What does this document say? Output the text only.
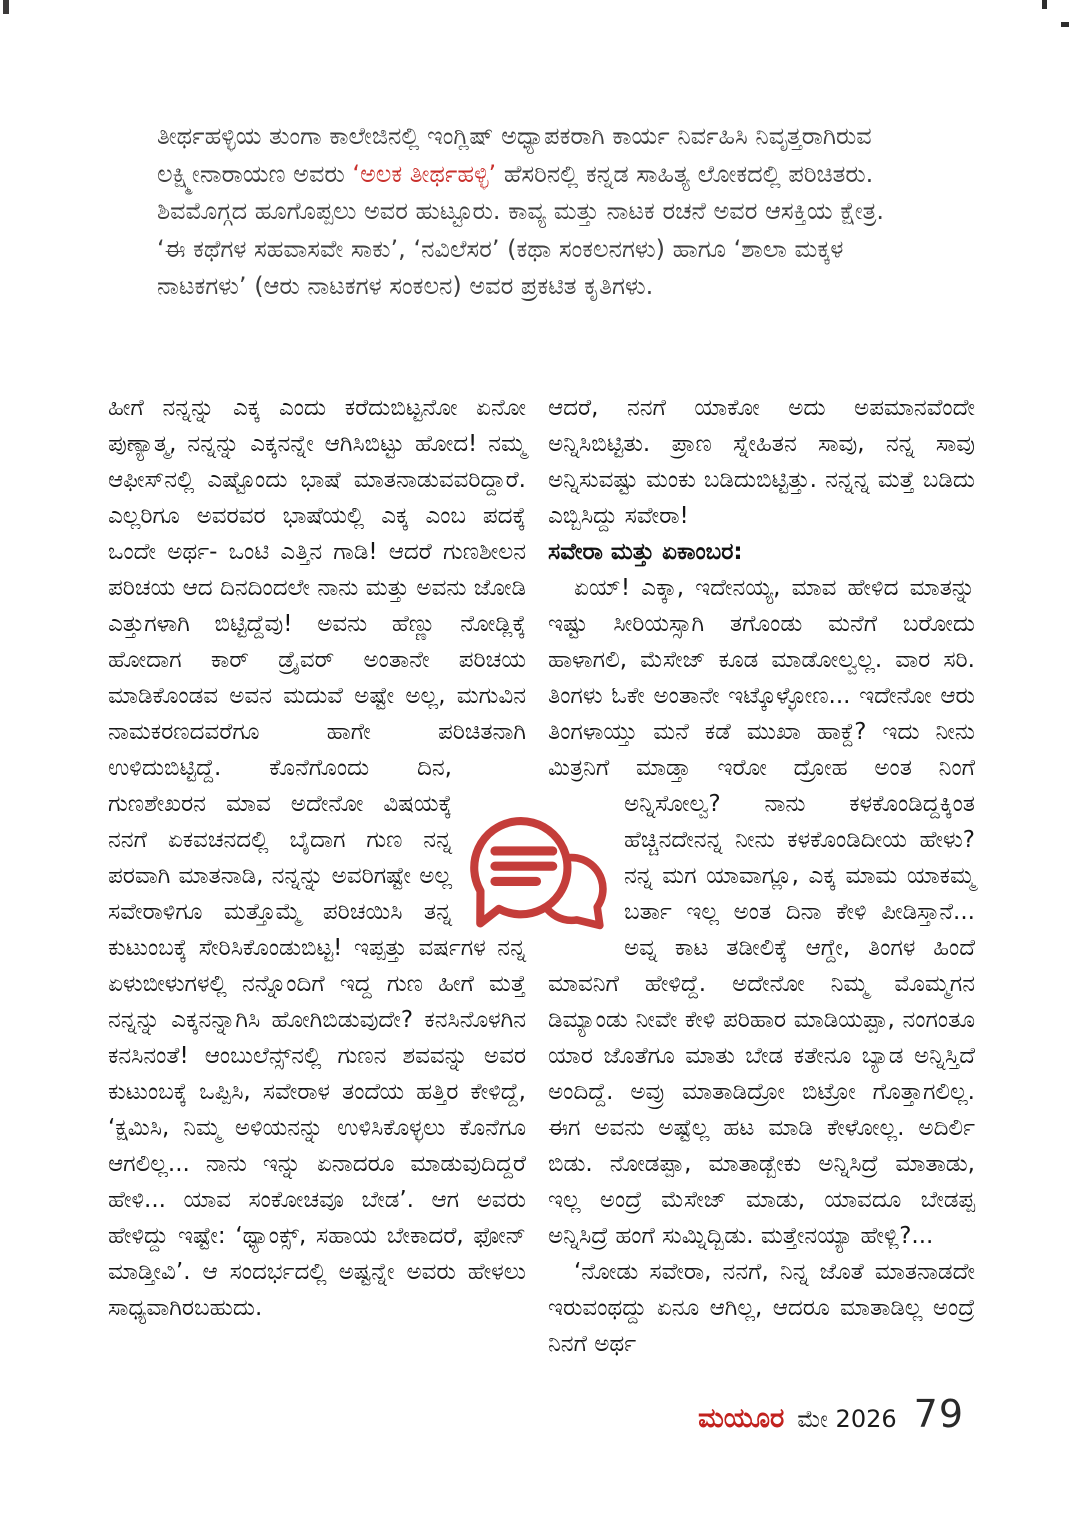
ತೀರ್ಥಹಳ್ಳಿಯ ತುಂಗಾ ಕಾಲೇಜಿನಲ್ಲಿ ಇಂಗ್ಲಿಷ್ ಅಧ್ಯಾಪಕರಾಗಿ ಕಾರ್ಯ ನಿರ್ವಹಿಸಿ ನಿವೃತ್ತರಾಗಿರುವ ಲಕ್ಷ್ಮೀನಾರಾಯಣ ಅವರು ‘ಅಲಕ ತೀರ್ಥಹಳ್ಳಿ’ ಹೆಸರಿನಲ್ಲಿ ಕನ್ನಡ ಸಾಹಿತ್ಯ ಲೋಕದಲ್ಲಿ ಪರಿಚಿತರು. ಶಿವಮೊಗ್ಗದ ಹೂಗೊಪ್ಪಲು ಅವರ ಹುಟ್ಟೂರು. ಕಾವ್ಯ ಮತ್ತು ನಾಟಕ ರಚನೆ ಅವರ ಆಸಕ್ತಿಯ ಕ್ಷೇತ್ರ. ‘ಈ ಕಥೆಗಳ ಸಹವಾಸವೇ ಸಾಕು’, ‘ನವಿಲೆಸರ’ (ಕಥಾ ಸಂಕಲನಗಳು) ಹಾಗೂ ‘ಶಾಲಾ ಮಕ್ಕಳ ನಾಟಕಗಳು’ (ಆರು ನಾಟಕಗಳ ಸಂಕಲನ) ಅವರ ಪ್ರಕಟಿತ ಕೃತಿಗಳು.

ಹೀಗೆ ನನ್ನನ್ನು ಎಕ್ಕ ಎಂದು ಕರೆದುಬಿಟ್ಟನೋ ಏನೋ ಪುಣ್ಯಾತ್ಮ, ನನ್ನನ್ನು ಎಕ್ಕನನ್ನೇ ಆಗಿಸಿಬಿಟ್ಟು ಹೋದ! ನಮ್ಮ ಆಫೀಸ್‌ನಲ್ಲಿ ಎಷ್ಟೊಂದು ಭಾಷೆ ಮಾತನಾಡುವವರಿದ್ದಾರೆ. ಎಲ್ಲರಿಗೂ ಅವರವರ ಭಾಷೆಯಲ್ಲಿ ಎಕ್ಕ ಎಂಬ ಪದಕ್ಕೆ ಒಂದೇ ಅರ್ಥ- ಒಂಟಿ ಎತ್ತಿನ ಗಾಡಿ! ಆದರೆ ಗುಣಶೀಲನ ಪರಿಚಯ ಆದ ದಿನದಿಂದಲೇ ನಾನು ಮತ್ತು ಅವನು ಜೋಡಿ ಎತ್ತುಗಳಾಗಿ ಬಿಟ್ಟಿದ್ದೆವು! ಅವನು ಹೆಣ್ಣು ನೋಡ್ಲಿಕ್ಕೆ ಹೋದಾಗ ಕಾರ್ ಡ್ರೈವರ್ ಅಂತಾನೇ ಪರಿಚಯ ಮಾಡಿಕೊಂಡವ ಅವನ ಮದುವೆ ಅಷ್ಟೇ ಅಲ್ಲ, ಮಗುವಿನ ನಾಮಕರಣದವರೆಗೂ ಹಾಗೇ ಪರಿಚಿತನಾಗಿ ಉಳಿದುಬಿಟ್ಟಿದ್ದೆ. ಕೊನೆಗೊಂದು ದಿನ, ಗುಣಶೇಖರನ ಮಾವ ಅದೇನೋ ವಿಷಯಕ್ಕೆ ನನಗೆ ಏಕವಚನದಲ್ಲಿ ಬೈದಾಗ ಗುಣ ನನ್ನ ಪರವಾಗಿ ಮಾತನಾಡಿ, ನನ್ನನ್ನು ಅವರಿಗಷ್ಟೇ ಅಲ್ಲ ಸವೇರಾಳಿಗೂ ಮತ್ತೊಮ್ಮೆ ಪರಿಚಯಿಸಿ ತನ್ನ ಕುಟುಂಬಕ್ಕೆ ಸೇರಿಸಿಕೊಂಡುಬಿಟ್ಟ! ಇಪ್ಪತ್ತು ವರ್ಷಗಳ ನನ್ನ ಏಳುಬೀಳುಗಳಲ್ಲಿ ನನ್ನೊಂದಿಗೆ ಇದ್ದ ಗುಣ ಹೀಗೆ ಮತ್ತೆ ನನ್ನನ್ನು ಎಕ್ಕನನ್ನಾಗಿಸಿ ಹೋಗಿಬಿಡುವುದೇ? ಕನಸಿನೊಳಗಿನ ಕನಸಿನಂತೆ! ಆಂಬುಲೆನ್ಸ್‌ನಲ್ಲಿ ಗುಣನ ಶವವನ್ನು ಅವರ ಕುಟುಂಬಕ್ಕೆ ಒಪ್ಪಿಸಿ, ಸವೇರಾಳ ತಂದೆಯ ಹತ್ತಿರ ಕೇಳಿದ್ದೆ, ‘ಕ್ಷಮಿಸಿ, ನಿಮ್ಮ ಅಳಿಯನನ್ನು ಉಳಿಸಿಕೊಳ್ಳಲು ಕೊನೆಗೂ ಆಗಲಿಲ್ಲ... ನಾನು ಇನ್ನು ಏನಾದರೂ ಮಾಡುವುದಿದ್ದರೆ ಹೇಳಿ... ಯಾವ ಸಂಕೋಚವೂ ಬೇಡ’. ಆಗ ಅವರು ಹೇಳಿದ್ದು ಇಷ್ಟೇ: ‘ಥ್ಯಾಂಕ್ಸ್, ಸಹಾಯ ಬೇಕಾದರೆ, ಫೋನ್ ಮಾಡ್ತೀವಿ’. ಆ ಸಂದರ್ಭದಲ್ಲಿ ಅಷ್ಟನ್ನೇ ಅವರು ಹೇಳಲು ಸಾಧ್ಯವಾಗಿರಬಹುದು.

ಆದರೆ, ನನಗೆ ಯಾಕೋ ಅದು ಅಪಮಾನವೆಂದೇ ಅನ್ನಿಸಿಬಿಟ್ಟಿತು. ಪ್ರಾಣ ಸ್ನೇಹಿತನ ಸಾವು, ನನ್ನ ಸಾವು ಅನ್ನಿಸುವಷ್ಟು ಮಂಕು ಬಡಿದುಬಿಟ್ಟಿತ್ತು. ನನ್ನನ್ನ ಮತ್ತೆ ಬಡಿದು ಎಬ್ಬಿಸಿದ್ದು ಸವೇರಾ!

ಸವೇರಾ ಮತ್ತು ಏಕಾಂಬರ:

ಏಯ್! ಎಕ್ಕಾ, ಇದೇನಯ್ಯ, ಮಾವ ಹೇಳಿದ ಮಾತನ್ನು ಇಷ್ಟು ಸೀರಿಯಸ್ಸಾಗಿ ತಗೊಂಡು ಮನೆಗೆ ಬರೋದು ಹಾಳಾಗಲಿ, ಮೆಸೇಜ್ ಕೂಡ ಮಾಡೋಲ್ವಲ್ಲ. ವಾರ ಸರಿ. ತಿಂಗಳು ಓಕೇ ಅಂತಾನೇ ಇಟ್ಕೊಳ್ಳೋಣ... ಇದೇನೋ ಆರು ತಿಂಗಳಾಯ್ತು ಮನೆ ಕಡೆ ಮುಖಾ ಹಾಕ್ದೆ? ಇದು ನೀನು ಮಿತ್ರನಿಗೆ ಮಾಡ್ತಾ ಇರೋ ದ್ರೋಹ ಅಂತ ನಿಂಗೆ ಅನ್ನಿಸೋಲ್ವ? ನಾನು ಕಳಕೊಂಡಿದ್ದಕ್ಕಿಂತ ಹೆಚ್ಚಿನದೇನನ್ನ ನೀನು ಕಳಕೊಂಡಿದೀಯ ಹೇಳು? ನನ್ನ ಮಗ ಯಾವಾಗ್ಲೂ, ಎಕ್ಕ ಮಾಮ ಯಾಕಮ್ಮ ಬರ್ತಾ ಇಲ್ಲ ಅಂತ ದಿನಾ ಕೇಳಿ ಪೀಡಿಸ್ತಾನೆ... ಅವ್ನ ಕಾಟ ತಡೀಲಿಕ್ಕೆ ಆಗ್ದೇ, ತಿಂಗಳ ಹಿಂದೆ ಮಾವನಿಗೆ ಹೇಳಿದ್ದೆ. ಅದೇನೋ ನಿಮ್ಮ ಮೊಮ್ಮಗನ ಡಿಮ್ಯಾಂಡು ನೀವೇ ಕೇಳಿ ಪರಿಹಾರ ಮಾಡಿಯಪ್ಪಾ, ನಂಗಂತೂ ಯಾರ ಜೊತೆಗೂ ಮಾತು ಬೇಡ ಕತೇನೂ ಬ್ಯಾಡ ಅನ್ನಿಸ್ತಿದೆ ಅಂದಿದ್ದೆ. ಅವ್ರು ಮಾತಾಡಿದ್ರೋ ಬಿಟ್ರೋ ಗೊತ್ತಾಗಲಿಲ್ಲ. ಈಗ ಅವನು ಅಷ್ಟೆಲ್ಲ ಹಟ ಮಾಡಿ ಕೇಳೋಲ್ಲ. ಅದಿರ್ಲಿ ಬಿಡು. ನೋಡಪ್ಪಾ, ಮಾತಾಡ್ಬೇಕು ಅನ್ನಿಸಿದ್ರೆ ಮಾತಾಡು, ಇಲ್ಲ ಅಂದ್ರೆ ಮೆಸೇಜ್ ಮಾಡು, ಯಾವದೂ ಬೇಡಪ್ಪ ಅನ್ನಿಸಿದ್ರೆ ಹಂಗೆ ಸುಮ್ನಿದ್ಬಿಡು. ಮತ್ತೇನಯ್ಯಾ ಹೇಳ್ಲಿ?...

‘ನೋಡು ಸವೇರಾ, ನನಗೆ, ನಿನ್ನ ಜೊತೆ ಮಾತನಾಡದೇ ಇರುವಂಥದ್ದು ಏನೂ ಆಗಿಲ್ಲ, ಆದರೂ ಮಾತಾಡಿಲ್ಲ ಅಂದ್ರೆ ನಿನಗೆ ಅರ್ಥ

ಮಯೂರ ಮೇ 2026 79
